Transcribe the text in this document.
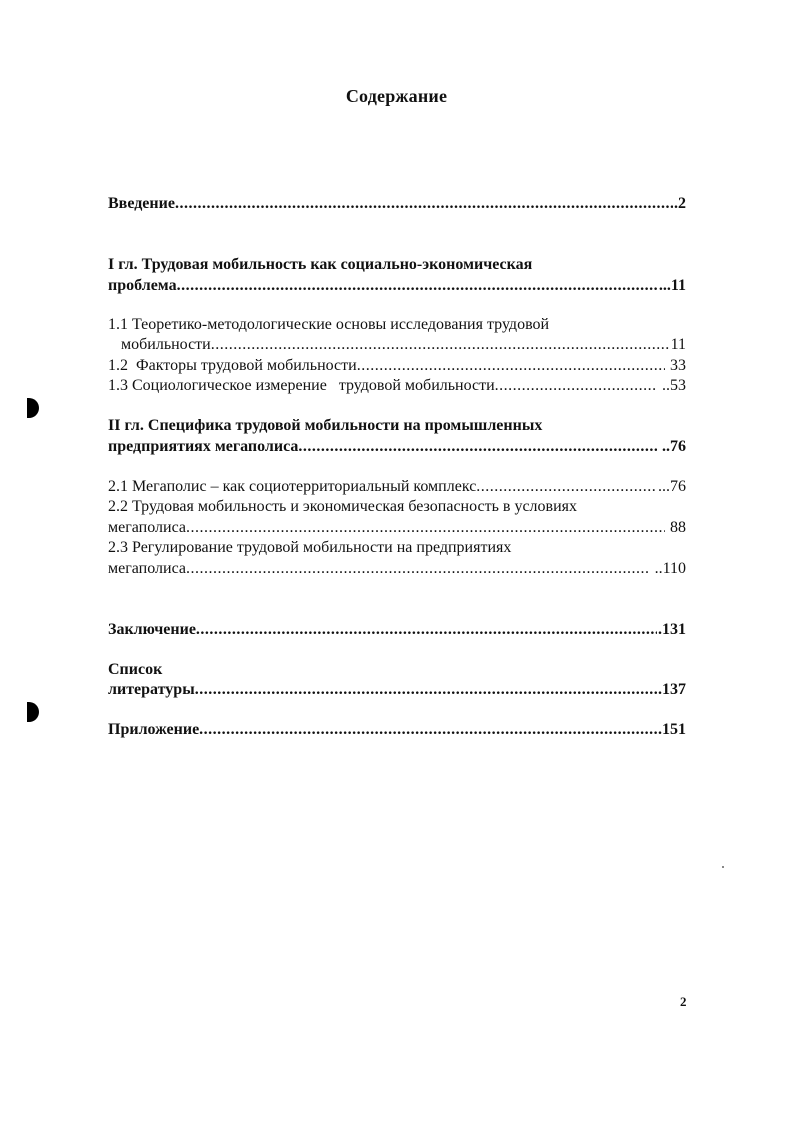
Содержание
Введение .....	.2
I гл. Трудовая мобильность как социально-экономическая
проблема .....	...11
1.1 Теоретико-методологические основы исследования трудовой
мобильности .....	11
1.2  Факторы трудовой мобильности .....	33
1.3 Социологическое измерение   трудовой мобильности .....	..53
II гл. Специфика трудовой мобильности на промышленных
предприятиях мегаполиса .....	..76
2.1 Мегаполис – как социотерриториальный комплекс .....	...76
2.2 Трудовая мобильность и экономическая безопасность в условиях
мегаполиса .....	88
2.3 Регулирование трудовой мобильности на предприятиях
мегаполиса .....	..110
Заключение .....	.131
Список
литературы .....	.137
Приложение .....	.151
2
